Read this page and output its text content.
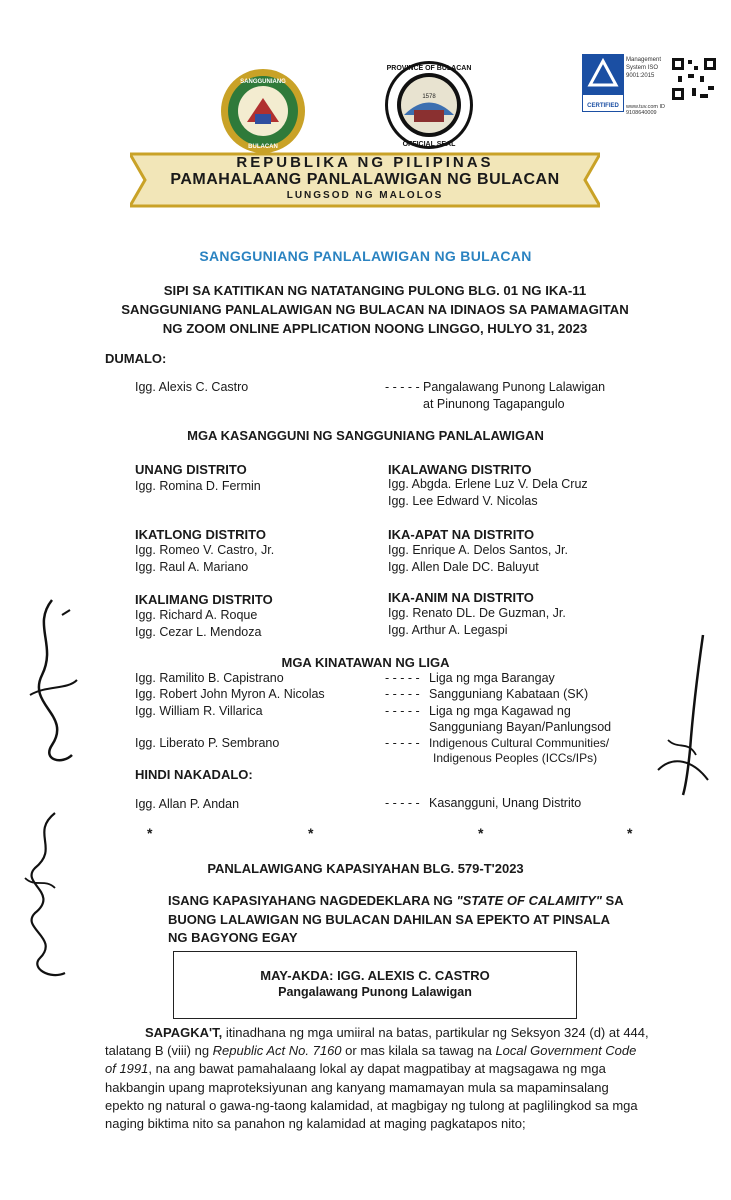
SANGGUNIANG
BULACAN
1578
PROVINCE OF BULACAN
OFFICIAL SEAL
CERTIFIED
Management System ISO 9001:2015
www.tuv.com ID 9108640009
REPUBLIKA NG PILIPINAS
PAMAHALAANG PANLALAWIGAN NG BULACAN
LUNGSOD NG MALOLOS
SANGGUNIANG PANLALAWIGAN NG BULACAN
SIPI SA KATITIKAN NG NATATANGING PULONG BLG. 01 NG IKA-11 SANGGUNIANG PANLALAWIGAN NG BULACAN NA IDINAOS SA PAMAMAGITAN NG ZOOM ONLINE APPLICATION NOONG LINGGO, HULYO 31, 2023
DUMALO:
Igg. Alexis C. Castro	- - - - - Pangalawang Punong Lalawigan
at Pinunong Tagapangulo
MGA KASANGGUNI NG SANGGUNIANG PANLALAWIGAN
UNANG DISTRITO
Igg. Romina D. Fermin
IKALAWANG DISTRITO
Igg. Abgda. Erlene Luz V. Dela Cruz
Igg. Lee Edward V. Nicolas
IKATLONG DISTRITO
Igg. Romeo V. Castro, Jr.
Igg. Raul A. Mariano
IKA-APAT NA DISTRITO
Igg. Enrique A. Delos Santos, Jr.
Igg. Allen Dale DC. Baluyut
IKALIMANG DISTRITO
Igg. Richard A. Roque
Igg. Cezar L. Mendoza
IKA-ANIM NA DISTRITO
Igg. Renato DL. De Guzman, Jr.
Igg. Arthur A. Legaspi
MGA KINATAWAN NG LIGA
Igg. Ramilito B. Capistrano	- - - - - Liga ng mga Barangay
Igg. Robert John Myron A. Nicolas	- - - - - Sangguniang Kabataan (SK)
Igg. William R. Villarica	- - - - - Liga ng mga Kagawad ng
Sangguniang Bayan/Panlungsod
Igg. Liberato P. Sembrano	- - - - - Indigenous Cultural Communities/
Indigenous Peoples (ICCs/IPs)
HINDI NAKADALO:
Igg. Allan P. Andan	- - - - - Kasangguni, Unang Distrito
*	*	*	*
PANLALAWIGANG KAPASIYAHAN BLG. 579-T'2023
ISANG KAPASIYAHANG NAGDEDEKLARA NG "STATE OF CALAMITY" SA BUONG LALAWIGAN NG BULACAN DAHILAN SA EPEKTO AT PINSALA NG BAGYONG EGAY
MAY-AKDA: IGG. ALEXIS C. CASTRO
Pangalawang Punong Lalawigan
SAPAGKA'T, itinadhana ng mga umiiral na batas, partikular ng Seksyon 324 (d) at 444, talatang B (viii) ng Republic Act No. 7160 or mas kilala sa tawag na Local Government Code of 1991, na ang bawat pamahalaang lokal ay dapat magpatibay at magsagawa ng mga hakbangin upang maproteksiyunan ang kanyang mamamayan mula sa mapaminsalang epekto ng natural o gawa-ng-taong kalamidad, at magbigay ng tulong at paglilingkod sa mga naging biktima nito sa panahon ng kalamidad at maging pagkatapos nito;
